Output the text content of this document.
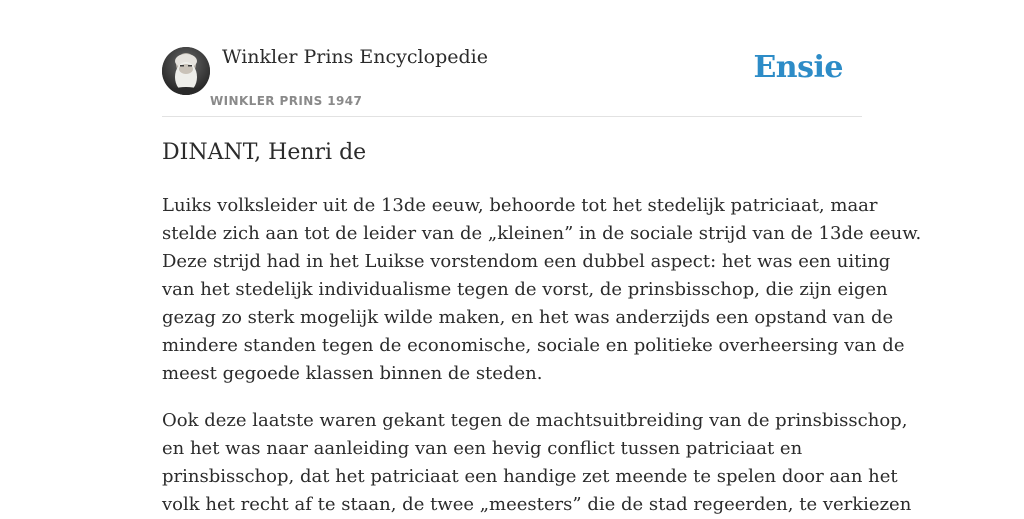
Winkler Prins Encyclopedie
WINKLER PRINS 1947
Ensie
DINANT, Henri de

Luiks volksleider uit de 13de eeuw, behoorde tot het stedelijk patriciaat, maar
stelde zich aan tot de leider van de „kleinen” in de sociale strijd van de 13de eeuw.
Deze strijd had in het Luikse vorstendom een dubbel aspect: het was een uiting
van het stedelijk individualisme tegen de vorst, de prinsbisschop, die zijn eigen
gezag zo sterk mogelijk wilde maken, en het was anderzijds een opstand van de
mindere standen tegen de economische, sociale en politieke overheersing van de
meest gegoede klassen binnen de steden.

Ook deze laatste waren gekant tegen de machtsuitbreiding van de prinsbisschop,
en het was naar aanleiding van een hevig conflict tussen patriciaat en
prinsbisschop, dat het patriciaat een handige zet meende te spelen door aan het
volk het recht af te staan, de twee „meesters” die de stad regeerden, te verkiezen
